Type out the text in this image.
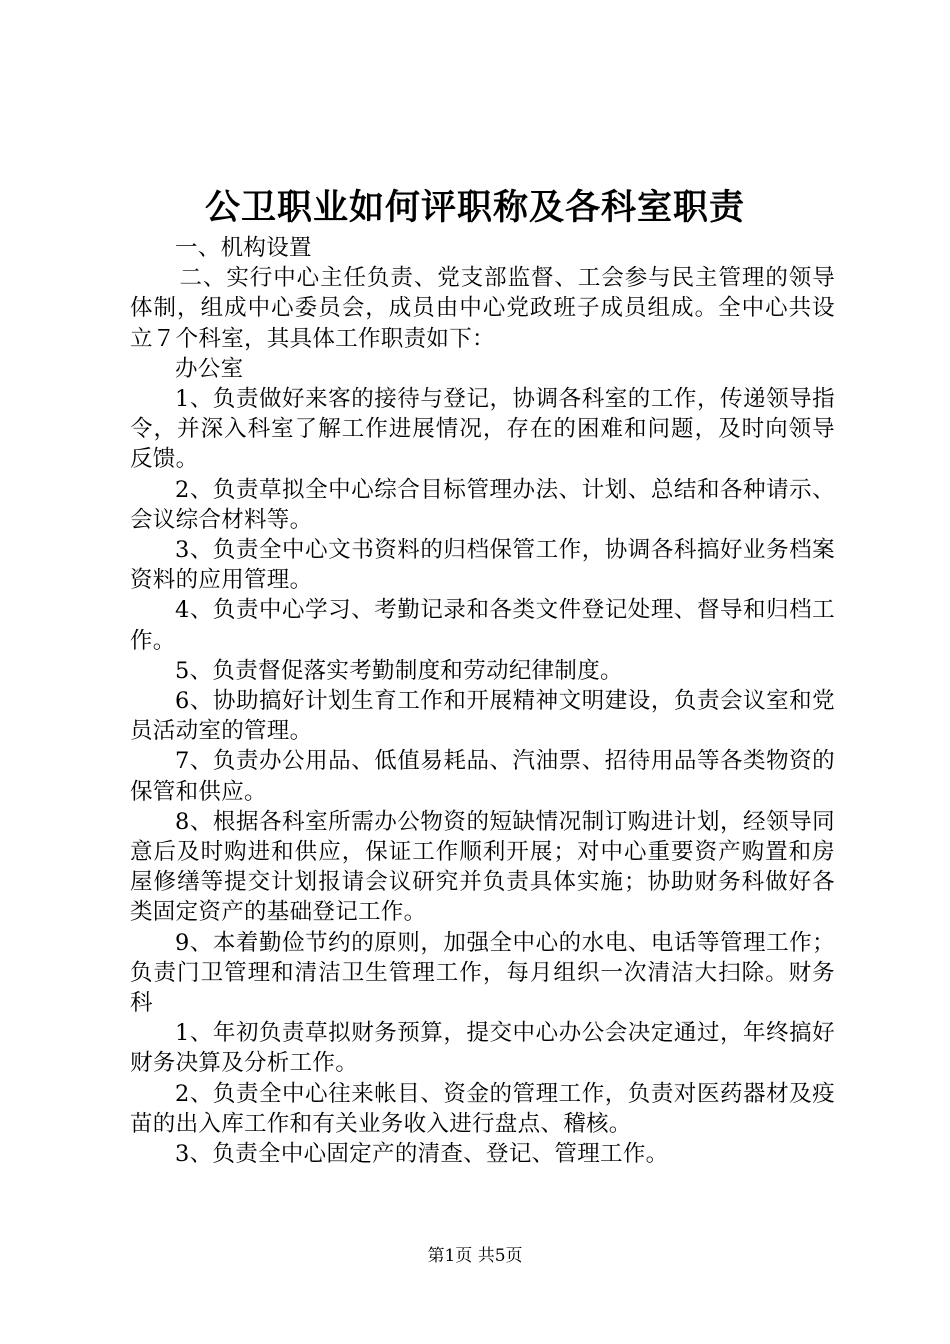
公卫职业如何评职称及各科室职责

一、机构设置

二、实行中心主任负责、党支部监督、工会参与民主管理的领导体制，组成中心委员会，成员由中心党政班子成员组成。全中心共设立７个科室，其具体工作职责如下：

办公室

1、负责做好来客的接待与登记，协调各科室的工作，传递领导指令，并深入科室了解工作进展情况，存在的困难和问题，及时向领导反馈。

2、负责草拟全中心综合目标管理办法、计划、总结和各种请示、会议综合材料等。

3、负责全中心文书资料的归档保管工作，协调各科搞好业务档案资料的应用管理。

4、负责中心学习、考勤记录和各类文件登记处理、督导和归档工作。

5、负责督促落实考勤制度和劳动纪律制度。

6、协助搞好计划生育工作和开展精神文明建设，负责会议室和党员活动室的管理。

7、负责办公用品、低值易耗品、汽油票、招待用品等各类物资的保管和供应。

8、根据各科室所需办公物资的短缺情况制订购进计划，经领导同意后及时购进和供应，保证工作顺利开展；对中心重要资产购置和房屋修缮等提交计划报请会议研究并负责具体实施；协助财务科做好各类固定资产的基础登记工作。

9、本着勤俭节约的原则，加强全中心的水电、电话等管理工作；负责门卫管理和清洁卫生管理工作，每月组织一次清洁大扫除。财务科

1、年初负责草拟财务预算，提交中心办公会决定通过，年终搞好财务决算及分析工作。

2、负责全中心往来帐目、资金的管理工作，负责对医药器材及疫苗的出入库工作和有关业务收入进行盘点、稽核。

3、负责全中心固定产的清查、登记、管理工作。

第1页 共5页
